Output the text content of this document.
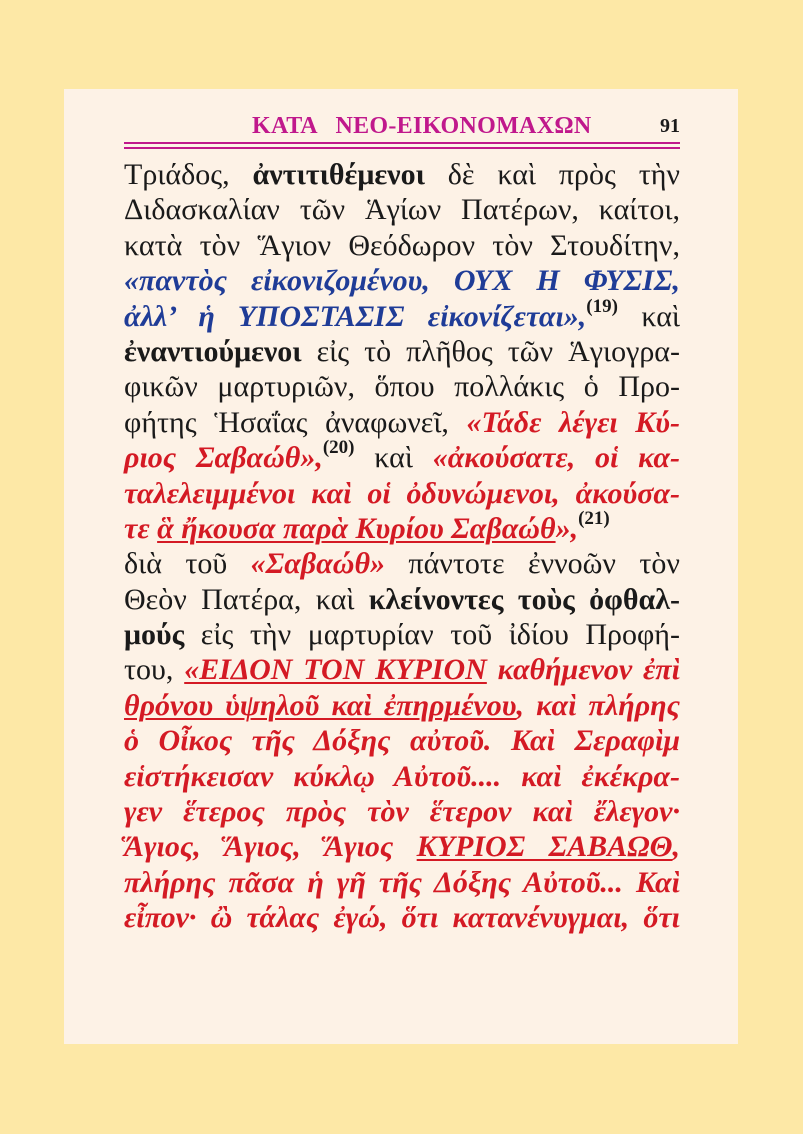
ΚΑΤΑ   ΝΕΟ-ΕΙΚΟΝΟΜΑΧΩΝ	91
Τριάδος, ἀντιτιθέμενοι δὲ καὶ πρὸς τὴν
Διδασκαλίαν τῶν Ἁγίων Πατέρων, καίτοι,
κατὰ τὸν Ἅγιον Θεόδωρον τὸν Στουδίτην,
«παντὸς εἰκονιζομένου, ΟΥΧ Η ΦΥΣΙΣ,
ἀλλ’ ἡ ΥΠΟΣΤΑΣΙΣ εἰκονίζεται»,$^{(19)}$ καὶ
ἐναντιούμενοι εἰς τὸ πλῆθος τῶν Ἁγιογρα-
φικῶν μαρτυριῶν, ὅπου πολλάκις ὁ Προ-
φήτης Ἡσαΐας ἀναφωνεῖ, «Τάδε λέγει Κύ-
ριος Σαβαώθ»,$^{(20)}$ καὶ «ἀκούσατε, οἱ κα-
ταλελειμμένοι καὶ οἱ ὀδυνώμενοι, ἀκούσα-
τε ἃ ἤκουσα παρὰ Κυρίου Σαβαώθ»,$^{(21)}$
διὰ τοῦ «Σαβαώθ» πάντοτε ἐννοῶν τὸν
Θεὸν Πατέρα, καὶ κλείνοντες τοὺς ὀφθαλ-
μούς εἰς τὴν μαρτυρίαν τοῦ ἰδίου Προφή-
του, «ΕΙΔΟΝ ΤΟΝ ΚΥΡΙΟΝ καθήμενον ἐπὶ
θρόνου ὑψηλοῦ καὶ ἐπηρμένου, καὶ πλήρης
ὁ Οἶκος τῆς Δόξης αὐτοῦ. Καὶ Σεραφὶμ
εἱστήκεισαν κύκλῳ Αὐτοῦ.... καὶ ἐκέκρα-
γεν ἕτερος πρὸς τὸν ἕτερον καὶ ἔλεγον·
Ἅγιος, Ἅγιος, Ἅγιος ΚΥΡΙΟΣ ΣΑΒΑΩΘ,
πλήρης πᾶσα ἡ γῆ τῆς Δόξης Αὐτοῦ... Καὶ
εἶπον· ὢ τάλας ἐγώ, ὅτι κατανένυγμαι, ὅτι
